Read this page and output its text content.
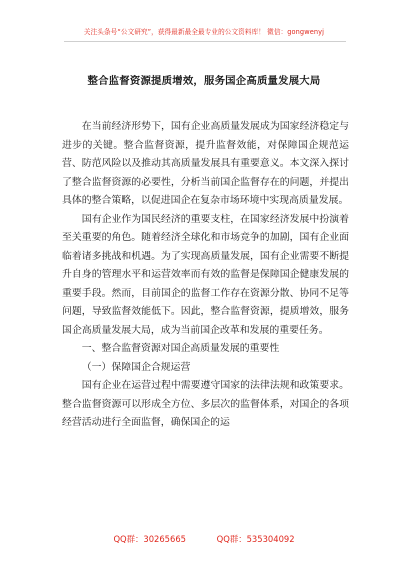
关注头条号“公文研究”，获得最新最全最专业的公文资料库！ 微信：gongwenyj
整合监督资源提质增效，服务国企高质量发展大局

在当前经济形势下，国有企业高质量发展成为国家经济稳定与进步的关键。整合监督资源，提升监督效能，对保障国企规范运营、防范风险以及推动其高质量发展具有重要意义。本文深入探讨了整合监督资源的必要性，分析当前国企监督存在的问题，并提出具体的整合策略，以促进国企在复杂市场环境中实现高质量发展。

国有企业作为国民经济的重要支柱，在国家经济发展中扮演着至关重要的角色。随着经济全球化和市场竞争的加剧，国有企业面临着诸多挑战和机遇。为了实现高质量发展，国有企业需要不断提升自身的管理水平和运营效率而有效的监督是保障国企健康发展的重要手段。然而，目前国企的监督工作存在资源分散、协同不足等问题，导致监督效能低下。因此，整合监督资源，提质增效，服务国企高质量发展大局，成为当前国企改革和发展的重要任务。

一、整合监督资源对国企高质量发展的重要性

（一）保障国企合规运营

国有企业在运营过程中需要遵守国家的法律法规和政策要求。整合监督资源可以形成全方位、多层次的监督体系，对国企的各项经营活动进行全面监督，确保国企的运

QQ群：30265665	QQ群：535304092
